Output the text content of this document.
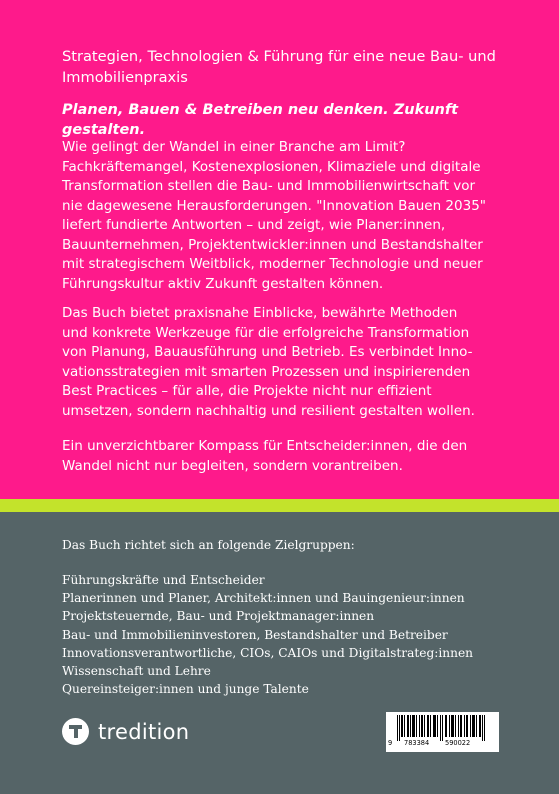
Strategien, Technologien & Führung für eine neue Bau- und Immobilienpraxis
Planen, Bauen & Betreiben neu denken. Zukunft gestalten.

Wie gelingt der Wandel in einer Branche am Limit?
Fachkräftemangel, Kostenexplosionen, Klimaziele und digitale
Transformation stellen die Bau- und Immobilienwirtschaft vor
nie dagewesene Herausforderungen. "Innovation Bauen 2035"
liefert fundierte Antworten – und zeigt, wie Planer:innen,
Bauunternehmen, Projektentwickler:innen und Bestandshalter
mit strategischem Weitblick, moderner Technologie und neuer
Führungskultur aktiv Zukunft gestalten können.

Das Buch bietet praxisnahe Einblicke, bewährte Methoden
und konkrete Werkzeuge für die erfolgreiche Transformation
von Planung, Bauausführung und Betrieb. Es verbindet Inno-
vationsstrategien mit smarten Prozessen und inspirierenden
Best Practices – für alle, die Projekte nicht nur effizient
umsetzen, sondern nachhaltig und resilient gestalten wollen.

Ein unverzichtbarer Kompass für Entscheider:innen, die den
Wandel nicht nur begleiten, sondern vorantreiben.

Das Buch richtet sich an folgende Zielgruppen:
Führungskräfte und Entscheider
Planerinnen und Planer, Architekt:innen und Bauingenieur:innen
Projektsteuernde, Bau- und Projektmanager:innen
Bau- und Immobilieninvestoren, Bestandshalter und Betreiber
Innovationsverantwortliche, CIOs, CAIOs und Digitalstrateg:innen
Wissenschaft und Lehre
Quereinsteiger:innen und junge Talente
tredition	9 783384 590022
